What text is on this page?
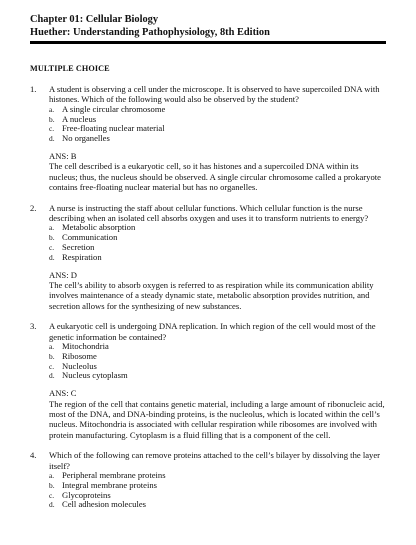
Chapter 01: Cellular Biology
Huether: Understanding Pathophysiology, 8th Edition
MULTIPLE CHOICE
1. A student is observing a cell under the microscope. It is observed to have supercoiled DNA with histones. Which of the following would also be observed by the student?
a. A single circular chromosome
b. A nucleus
c. Free-floating nuclear material
d. No organelles
ANS: B
The cell described is a eukaryotic cell, so it has histones and a supercoiled DNA within its nucleus; thus, the nucleus should be observed. A single circular chromosome called a prokaryote contains free-floating nuclear material but has no organelles.
2. A nurse is instructing the staff about cellular functions. Which cellular function is the nurse describing when an isolated cell absorbs oxygen and uses it to transform nutrients to energy?
a. Metabolic absorption
b. Communication
c. Secretion
d. Respiration
ANS: D
The cell’s ability to absorb oxygen is referred to as respiration while its communication ability involves maintenance of a steady dynamic state, metabolic absorption provides nutrition, and secretion allows for the synthesizing of new substances.
3. A eukaryotic cell is undergoing DNA replication. In which region of the cell would most of the genetic information be contained?
a. Mitochondria
b. Ribosome
c. Nucleolus
d. Nucleus cytoplasm
ANS: C
The region of the cell that contains genetic material, including a large amount of ribonucleic acid, most of the DNA, and DNA-binding proteins, is the nucleolus, which is located within the cell’s nucleus. Mitochondria is associated with cellular respiration while ribosomes are involved with protein manufacturing. Cytoplasm is a fluid filling that is a component of the cell.
4. Which of the following can remove proteins attached to the cell’s bilayer by dissolving the layer itself?
a. Peripheral membrane proteins
b. Integral membrane proteins
c. Glycoproteins
d. Cell adhesion molecules
